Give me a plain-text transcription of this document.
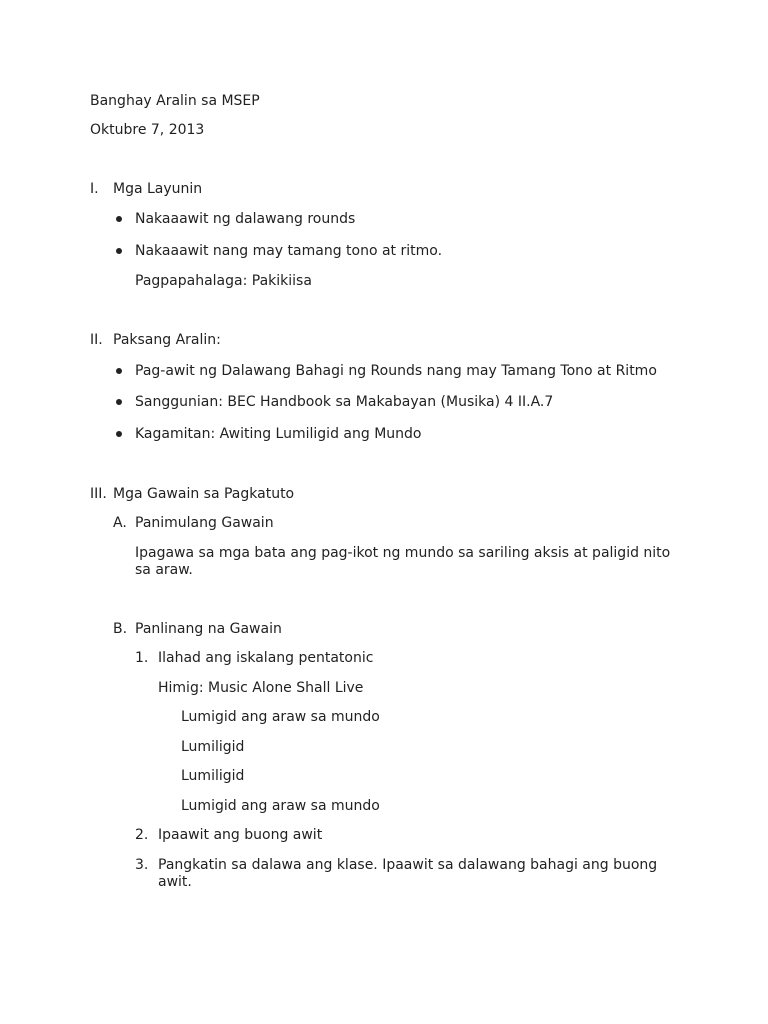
Banghay Aralin sa MSEP
Oktubre 7, 2013
I. Mga Layunin
Nakaaawit ng dalawang rounds
Nakaaawit nang may tamang tono at ritmo.
Pagpapahalaga: Pakikiisa
II. Paksang Aralin:
Pag-awit ng Dalawang Bahagi ng Rounds nang may Tamang Tono at Ritmo
Sanggunian: BEC Handbook sa Makabayan (Musika) 4 II.A.7
Kagamitan: Awiting Lumiligid ang Mundo
III. Mga Gawain sa Pagkatuto
A. Panimulang Gawain
Ipagawa sa mga bata ang pag-ikot ng mundo sa sariling aksis at paligid nito sa araw.
B. Panlinang na Gawain
1. Ilahad ang iskalang pentatonic
Himig: Music Alone Shall Live
Lumigid ang araw sa mundo
Lumiligid
Lumiligid
Lumigid ang araw sa mundo
2. Ipaawit ang buong awit
3. Pangkatin sa dalawa ang klase. Ipaawit sa dalawang bahagi ang buong awit.
